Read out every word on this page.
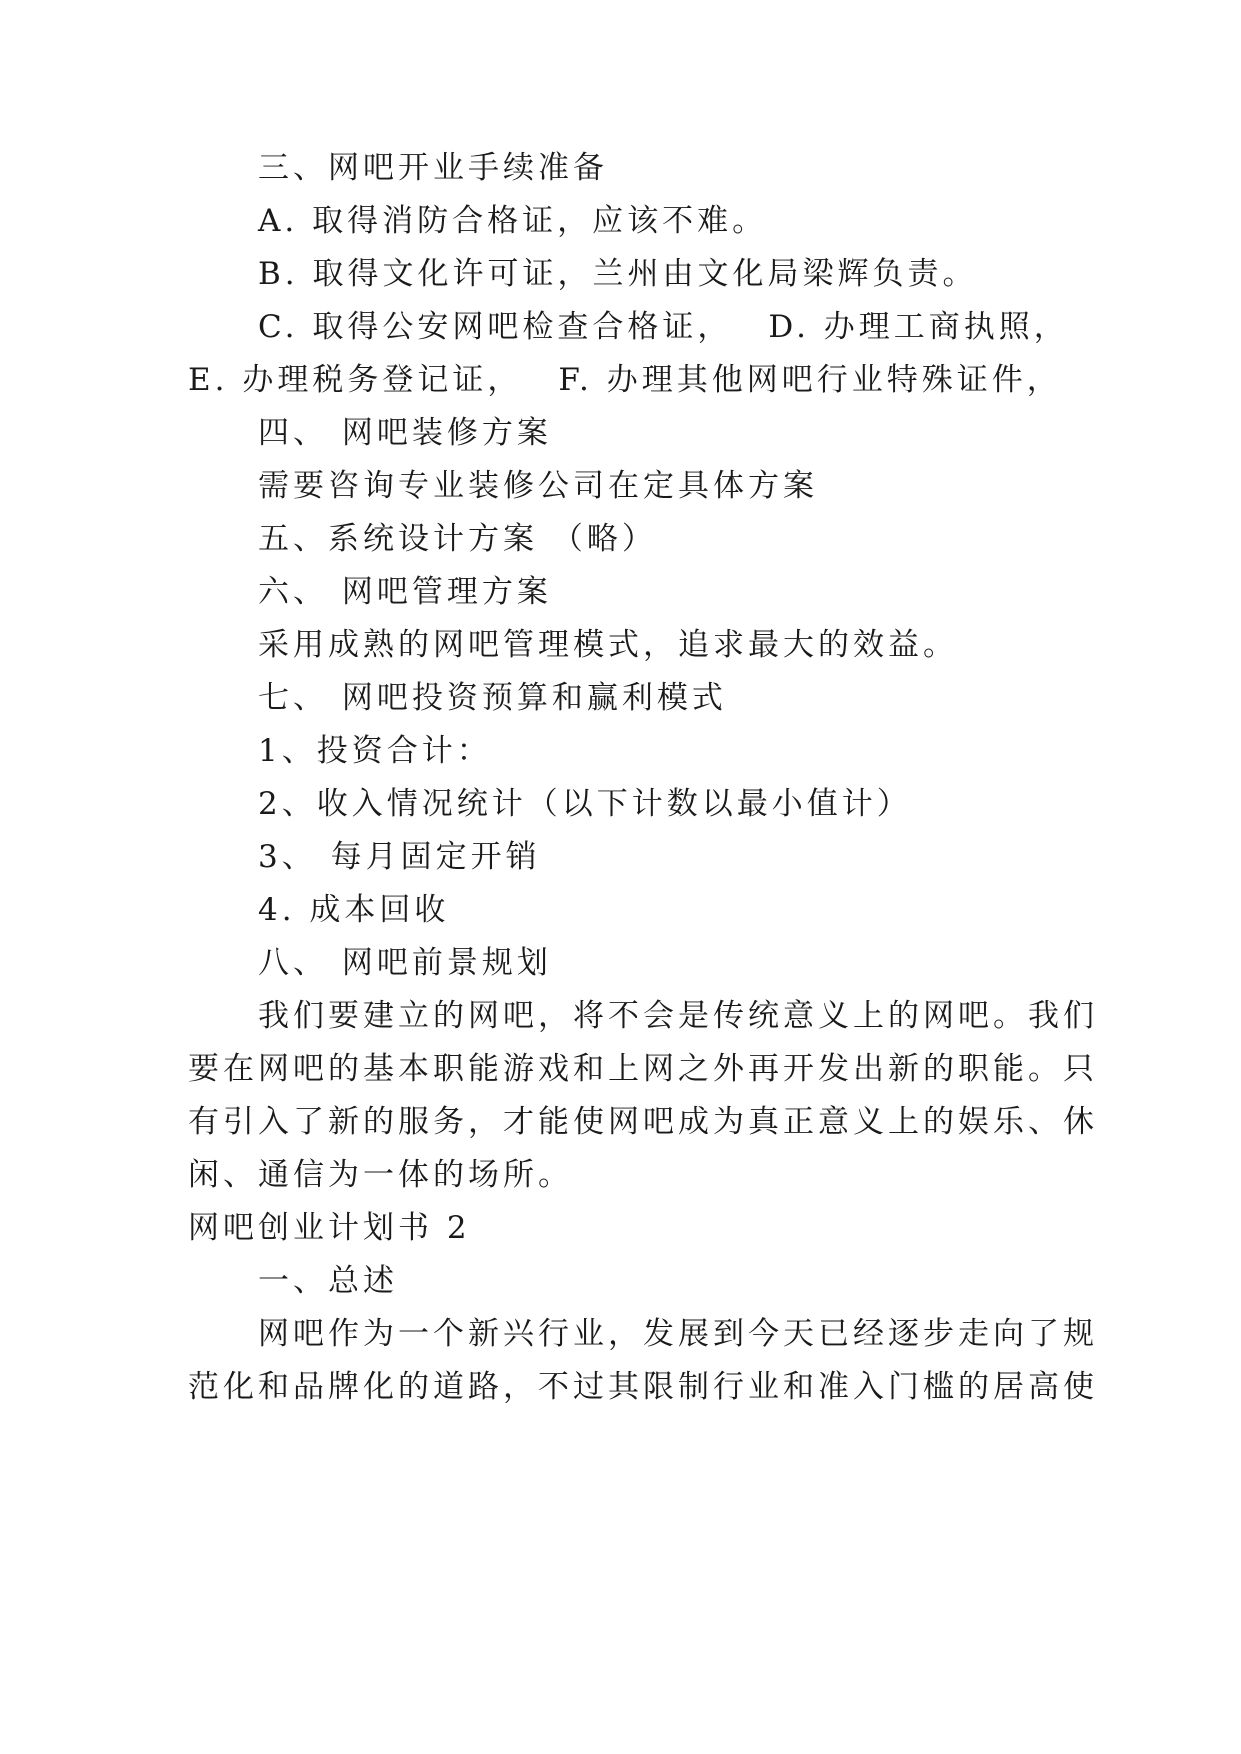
三、网吧开业手续准备

A. 取得消防合格证，应该不难。

B. 取得文化许可证，兰州由文化局梁辉负责。

C. 取得公安网吧检查合格证， D. 办理工商执照，

E. 办理税务登记证， F. 办理其他网吧行业特殊证件，

四、 网吧装修方案

需要咨询专业装修公司在定具体方案

五、系统设计方案 （略）

六、 网吧管理方案

采用成熟的网吧管理模式，追求最大的效益。

七、 网吧投资预算和赢利模式

1、投资合计：

2、收入情况统计（以下计数以最小值计）

3、 每月固定开销

4. 成本回收

八、 网吧前景规划

我们要建立的网吧，将不会是传统意义上的网吧。我们

要在网吧的基本职能游戏和上网之外再开发出新的职能。只

有引入了新的服务，才能使网吧成为真正意义上的娱乐、休

闲、通信为一体的场所。

网吧创业计划书 2

一、总述

网吧作为一个新兴行业，发展到今天已经逐步走向了规

范化和品牌化的道路，不过其限制行业和准入门槛的居高使
